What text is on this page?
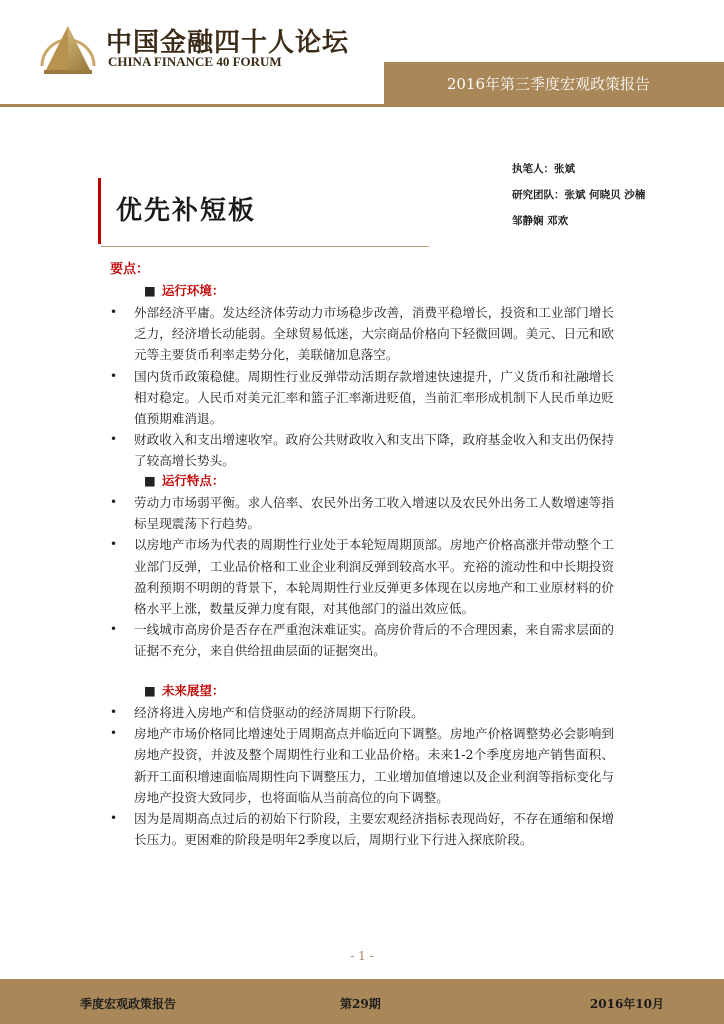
中国金融四十人论坛
CHINA FINANCE 40 FORUM
2016年第三季度宏观政策报告
执笔人：张斌
研究团队：张斌 何晓贝 沙楠
邹静娴 邓欢
优先补短板
要点：
■ 运行环境：
• 外部经济平庸。发达经济体劳动力市场稳步改善，消费平稳增长，投资和工业部门增长乏力，经济增长动能弱。全球贸易低迷，大宗商品价格向下轻微回调。美元、日元和欧元等主要货币利率走势分化，美联储加息落空。
• 国内货币政策稳健。周期性行业反弹带动活期存款增速快速提升，广义货币和社融增长相对稳定。人民币对美元汇率和篮子汇率渐进贬值，当前汇率形成机制下人民币单边贬值预期难消退。
• 财政收入和支出增速收窄。政府公共财政收入和支出下降，政府基金收入和支出仍保持了较高增长势头。
■ 运行特点：
• 劳动力市场弱平衡。求人倍率、农民外出务工收入增速以及农民外出务工人数增速等指标呈现震荡下行趋势。
• 以房地产市场为代表的周期性行业处于本轮短周期顶部。房地产价格高涨并带动整个工业部门反弹，工业品价格和工业企业利润反弹到较高水平。充裕的流动性和中长期投资盈利预期不明朗的背景下，本轮周期性行业反弹更多体现在以房地产和工业原材料的价格水平上涨，数量反弹力度有限，对其他部门的溢出效应低。
• 一线城市高房价是否存在严重泡沫难证实。高房价背后的不合理因素，来自需求层面的证据不充分，来自供给扭曲层面的证据突出。
■ 未来展望：
• 经济将进入房地产和信贷驱动的经济周期下行阶段。
• 房地产市场价格同比增速处于周期高点并临近向下调整。房地产价格调整势必会影响到房地产投资，并波及整个周期性行业和工业品价格。未来1-2个季度房地产销售面积、新开工面积增速面临周期性向下调整压力，工业增加值增速以及企业利润等指标变化与房地产投资大致同步，也将面临从当前高位的向下调整。
• 因为是周期高点过后的初始下行阶段，主要宏观经济指标表现尚好，不存在通缩和保增长压力。更困难的阶段是明年2季度以后，周期行业下行进入探底阶段。
- 1 -
季度宏观政策报告	第29期	2016年10月
